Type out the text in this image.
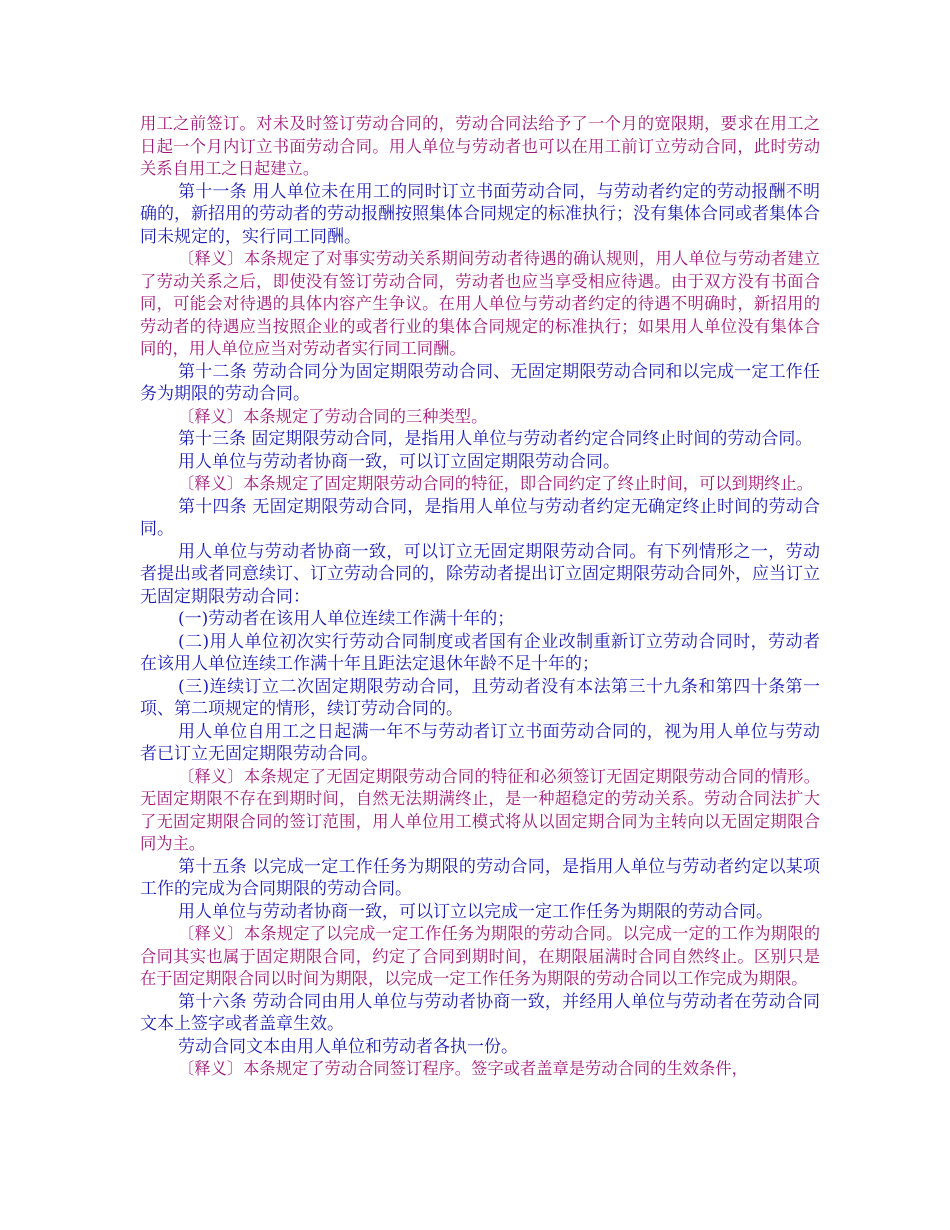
用工之前签订。对未及时签订劳动合同的，劳动合同法给予了一个月的宽限期，要求在用工之日起一个月内订立书面劳动合同。用人单位与劳动者也可以在用工前订立劳动合同，此时劳动关系自用工之日起建立。

第十一条 用人单位未在用工的同时订立书面劳动合同，与劳动者约定的劳动报酬不明确的，新招用的劳动者的劳动报酬按照集体合同规定的标准执行；没有集体合同或者集体合同未规定的，实行同工同酬。

〔释义〕本条规定了对事实劳动关系期间劳动者待遇的确认规则，用人单位与劳动者建立了劳动关系之后，即使没有签订劳动合同，劳动者也应当享受相应待遇。由于双方没有书面合同，可能会对待遇的具体内容产生争议。在用人单位与劳动者约定的待遇不明确时，新招用的劳动者的待遇应当按照企业的或者行业的集体合同规定的标准执行；如果用人单位没有集体合同的，用人单位应当对劳动者实行同工同酬。

第十二条 劳动合同分为固定期限劳动合同、无固定期限劳动合同和以完成一定工作任务为期限的劳动合同。

〔释义〕本条规定了劳动合同的三种类型。

第十三条 固定期限劳动合同，是指用人单位与劳动者约定合同终止时间的劳动合同。

用人单位与劳动者协商一致，可以订立固定期限劳动合同。

〔释义〕本条规定了固定期限劳动合同的特征，即合同约定了终止时间，可以到期终止。

第十四条 无固定期限劳动合同，是指用人单位与劳动者约定无确定终止时间的劳动合同。

用人单位与劳动者协商一致，可以订立无固定期限劳动合同。有下列情形之一，劳动者提出或者同意续订、订立劳动合同的，除劳动者提出订立固定期限劳动合同外，应当订立无固定期限劳动合同：

(一)劳动者在该用人单位连续工作满十年的；

(二)用人单位初次实行劳动合同制度或者国有企业改制重新订立劳动合同时，劳动者在该用人单位连续工作满十年且距法定退休年龄不足十年的；

(三)连续订立二次固定期限劳动合同，且劳动者没有本法第三十九条和第四十条第一项、第二项规定的情形，续订劳动合同的。

用人单位自用工之日起满一年不与劳动者订立书面劳动合同的，视为用人单位与劳动者已订立无固定期限劳动合同。

〔释义〕本条规定了无固定期限劳动合同的特征和必须签订无固定期限劳动合同的情形。无固定期限不存在到期时间，自然无法期满终止，是一种超稳定的劳动关系。劳动合同法扩大了无固定期限合同的签订范围，用人单位用工模式将从以固定期合同为主转向以无固定期限合同为主。

第十五条 以完成一定工作任务为期限的劳动合同，是指用人单位与劳动者约定以某项工作的完成为合同期限的劳动合同。

用人单位与劳动者协商一致，可以订立以完成一定工作任务为期限的劳动合同。

〔释义〕本条规定了以完成一定工作任务为期限的劳动合同。以完成一定的工作为期限的合同其实也属于固定期限合同，约定了合同到期时间，在期限届满时合同自然终止。区别只是在于固定期限合同以时间为期限，以完成一定工作任务为期限的劳动合同以工作完成为期限。

第十六条 劳动合同由用人单位与劳动者协商一致，并经用人单位与劳动者在劳动合同文本上签字或者盖章生效。

劳动合同文本由用人单位和劳动者各执一份。

〔释义〕本条规定了劳动合同签订程序。签字或者盖章是劳动合同的生效条件，
